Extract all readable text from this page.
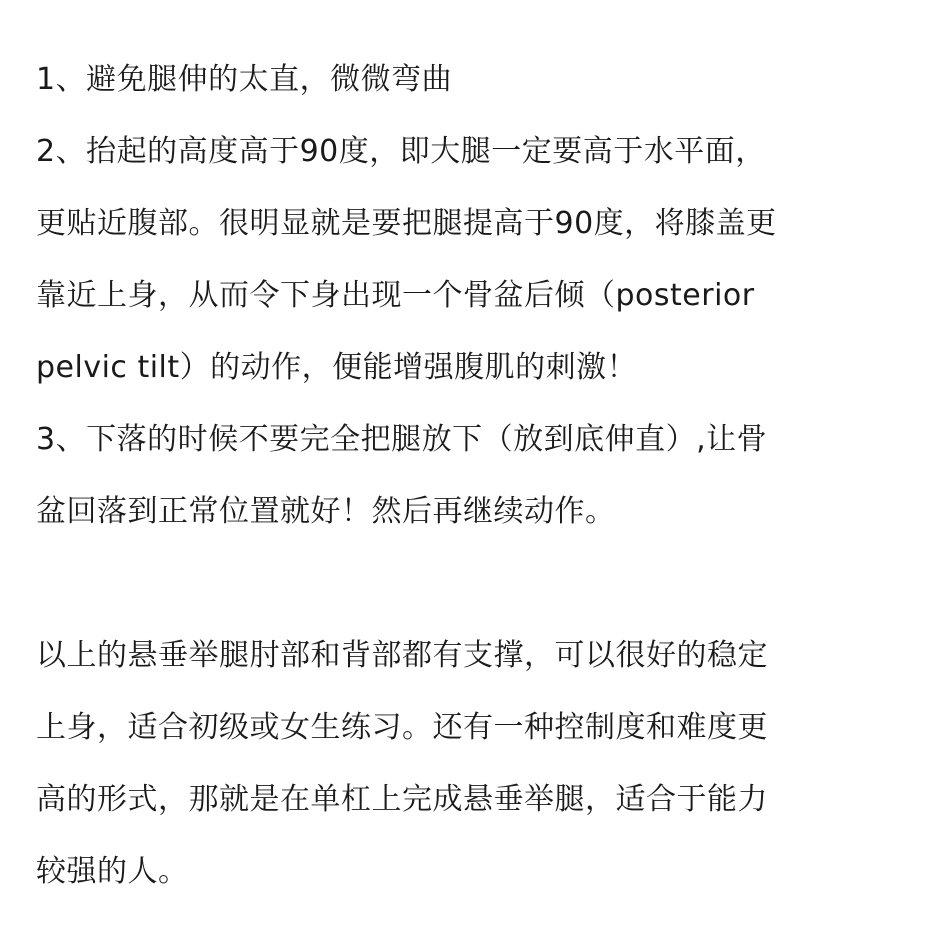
1、避免腿伸的太直，微微弯曲

2、抬起的高度高于90度，即大腿一定要高于水平面，
更贴近腹部。很明显就是要把腿提高于90度，将膝盖更
靠近上身，从而令下身出现一个骨盆后倾（posterior
pelvic tilt）的动作，便能增强腹肌的刺激！

3、下落的时候不要完全把腿放下（放到底伸直）,让骨
盆回落到正常位置就好！然后再继续动作。

以上的悬垂举腿肘部和背部都有支撑，可以很好的稳定
上身，适合初级或女生练习。还有一种控制度和难度更
高的形式，那就是在单杠上完成悬垂举腿，适合于能力
较强的人。
